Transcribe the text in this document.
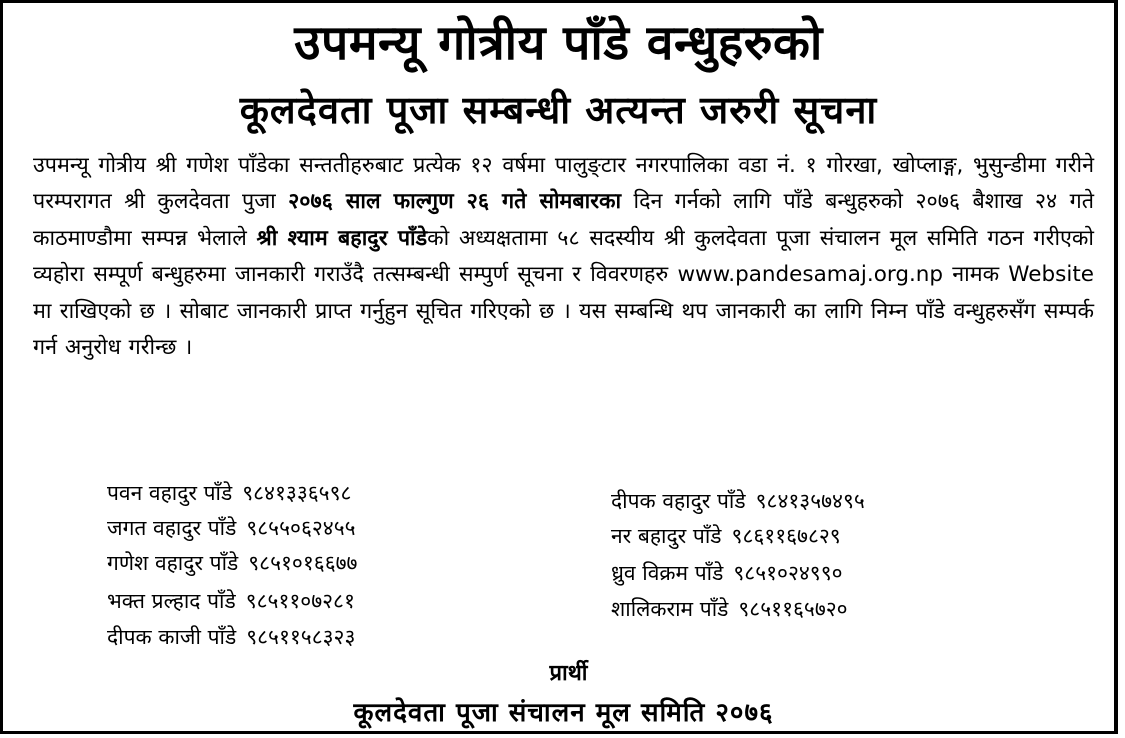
उपमन्यू गोत्रीय पाँडे वन्धुहरुको
कूलदेवता पूजा सम्बन्धी अत्यन्त जरुरी सूचना
उपमन्यू गोत्रीय श्री गणेश पाँडेका सन्ततीहरुबाट प्रत्येक १२ वर्षमा पालुङ्टार नगरपालिका वडा नं. १ गोरखा, खोप्लाङ्ग, भुसुन्डीमा गरीने परम्परागत श्री कुलदेवता पुजा २०७६ साल फाल्गुण २६ गते सोमबारका दिन गर्नको लागि पाँडे बन्धुहरुको २०७६ बैशाख २४ गते काठमाण्डौमा सम्पन्न भेलाले श्री श्याम बहादुर पाँडेको अध्यक्षतामा ५८ सदस्यीय श्री कुलदेवता पूजा संचालन मूल समिति गठन गरीएको व्यहोरा सम्पूर्ण बन्धुहरुमा जानकारी गराउँदै तत्सम्बन्धी सम्पुर्ण सूचना र विवरणहरु www.pandesamaj.org.np नामक Website मा राखिएको छ । सोबाट जानकारी प्राप्त गर्नुहुन सूचित गरिएको छ । यस सम्बन्धि थप जानकारी का लागि निम्न पाँडे वन्धुहरुसँग सम्पर्क गर्न अनुरोध गरीन्छ ।
पवन वहादुर पाँडे ९८४१३३६५९८
जगत वहादुर पाँडे ९८५५०६२४५५
गणेश वहादुर पाँडे ९८५१०१६६७७
भक्त प्रल्हाद पाँडे ९८५११०७२८१
दीपक काजी पाँडे ९८५११५८३२३
दीपक वहादुर पाँडे ९८४१३५७४९५
नर बहादुर पाँडे ९८६११६७८२९
ध्रुव विक्रम पाँडे ९८५१०२४९९०
शालिकराम पाँडे ९८५११६५७२०
प्रार्थी
कूलदेवता पूजा संचालन मूल समिति २०७६
